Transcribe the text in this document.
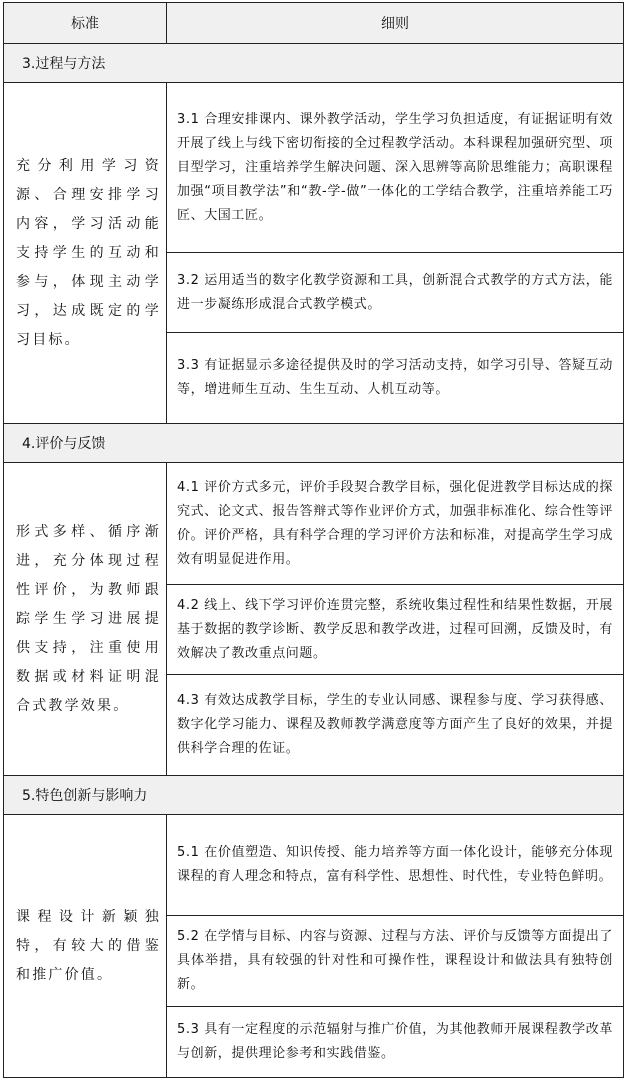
标准	细则
3.过程与方法	
充分利用学习资源、合理安排学习内容，学习活动能支持学生的互动和参与，体现主动学习，达成既定的学习目标。	3.1 合理安排课内、课外教学活动，学生学习负担适度，有证据证明有效开展了线上与线下密切衔接的全过程教学活动。本科课程加强研究型、项目型学习，注重培养学生解决问题、深入思辨等高阶思维能力；高职课程加强“项目教学法”和“教-学-做”一体化的工学结合教学，注重培养能工巧匠、大国工匠。
	3.2 运用适当的数字化教学资源和工具，创新混合式教学的方式方法，能进一步凝练形成混合式教学模式。
	3.3 有证据显示多途径提供及时的学习活动支持，如学习引导、答疑互动等，增进师生互动、生生互动、人机互动等。
4.评价与反馈	
形式多样、循序渐进，充分体现过程性评价，为教师跟踪学生学习进展提供支持，注重使用数据或材料证明混合式教学效果。	4.1 评价方式多元，评价手段契合教学目标，强化促进教学目标达成的探究式、论文式、报告答辩式等作业评价方式，加强非标准化、综合性等评价。评价严格，具有科学合理的学习评价方法和标准，对提高学生学习成效有明显促进作用。
	4.2 线上、线下学习评价连贯完整，系统收集过程性和结果性数据，开展基于数据的教学诊断、教学反思和教学改进，过程可回溯，反馈及时，有效解决了教改重点问题。
	4.3 有效达成教学目标，学生的专业认同感、课程参与度、学习获得感、数字化学习能力、课程及教师教学满意度等方面产生了良好的效果，并提供科学合理的佐证。
5.特色创新与影响力	
课程设计新颖独特，有较大的借鉴和推广价值。	5.1 在价值塑造、知识传授、能力培养等方面一体化设计，能够充分体现课程的育人理念和特点，富有科学性、思想性、时代性，专业特色鲜明。
	5.2 在学情与目标、内容与资源、过程与方法、评价与反馈等方面提出了具体举措，具有较强的针对性和可操作性，课程设计和做法具有独特创新。
	5.3 具有一定程度的示范辐射与推广价值，为其他教师开展课程教学改革与创新，提供理论参考和实践借鉴。
